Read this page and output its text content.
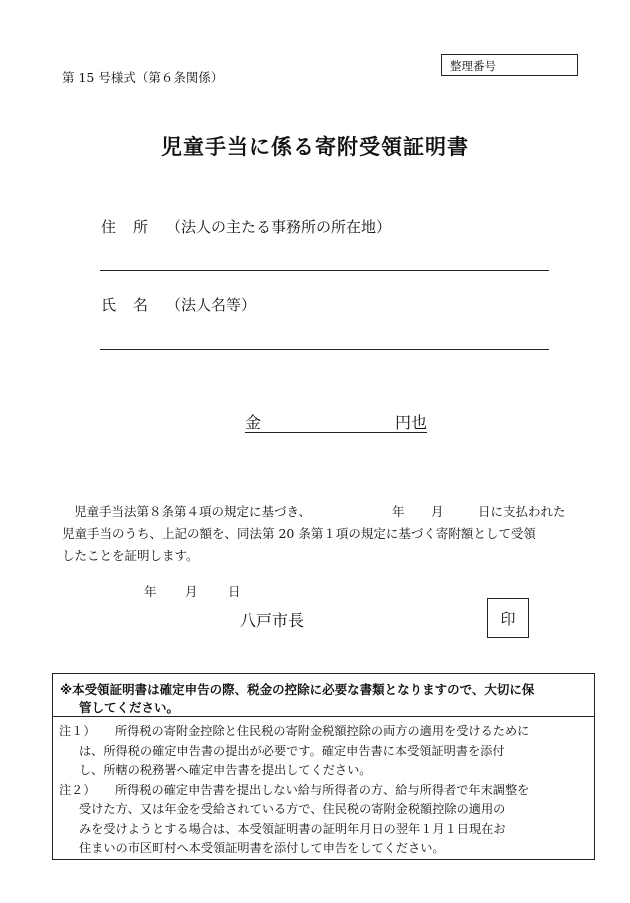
第 15 号様式（第６条関係）
整理番号
児童手当に係る寄附受領証明書
住 所 （法人の主たる事務所の所在地）
氏 名 （法人名等）
金	円也
児童手当法第８条第４項の規定に基づき、	年 月	日に支払われた
児童手当のうち、上記の額を、同法第 20 条第１項の規定に基づく寄附額として受領
したことを証明します。
年 月 日
八戸市長	印
※本受領証明書は確定申告の際、税金の控除に必要な書類となりますので、大切に保
管してください。
注１） 所得税の寄附金控除と住民税の寄附金税額控除の両方の適用を受けるために
は、所得税の確定申告書の提出が必要です。確定申告書に本受領証明書を添付
し、所轄の税務署へ確定申告書を提出してください。
注２） 所得税の確定申告書を提出しない給与所得者の方、給与所得者で年末調整を
受けた方、又は年金を受給されている方で、住民税の寄附金税額控除の適用の
みを受けようとする場合は、本受領証明書の証明年月日の翌年１月１日現在お
住まいの市区町村へ本受領証明書を添付して申告をしてください。
